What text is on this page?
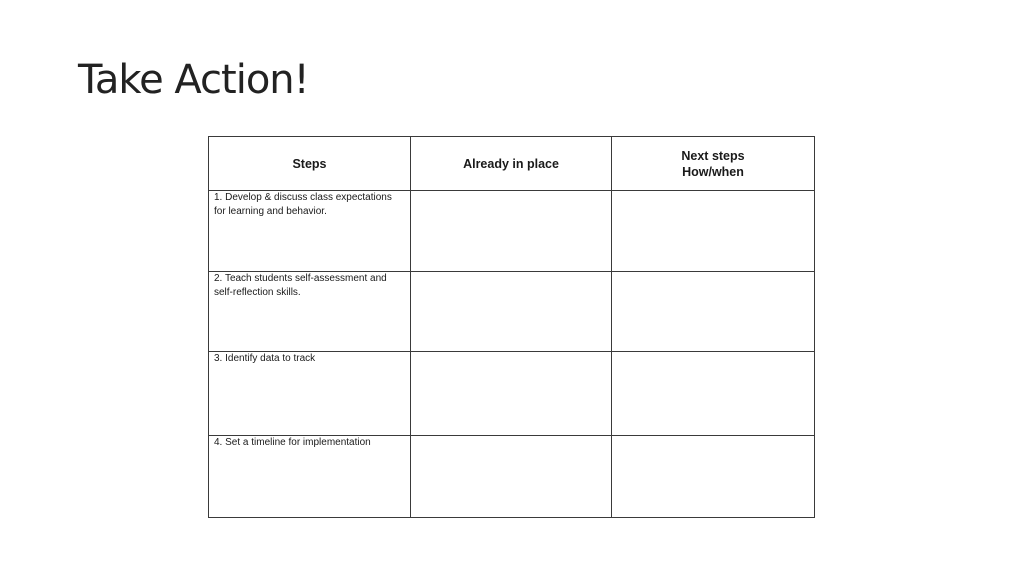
Take Action!
Steps	Already in place	Next steps
How/when

1. Develop & discuss class expectations for learning and behavior.		

2. Teach students self-assessment and self-reflection skills.		

3. Identify data to track		

4. Set a timeline for implementation		
